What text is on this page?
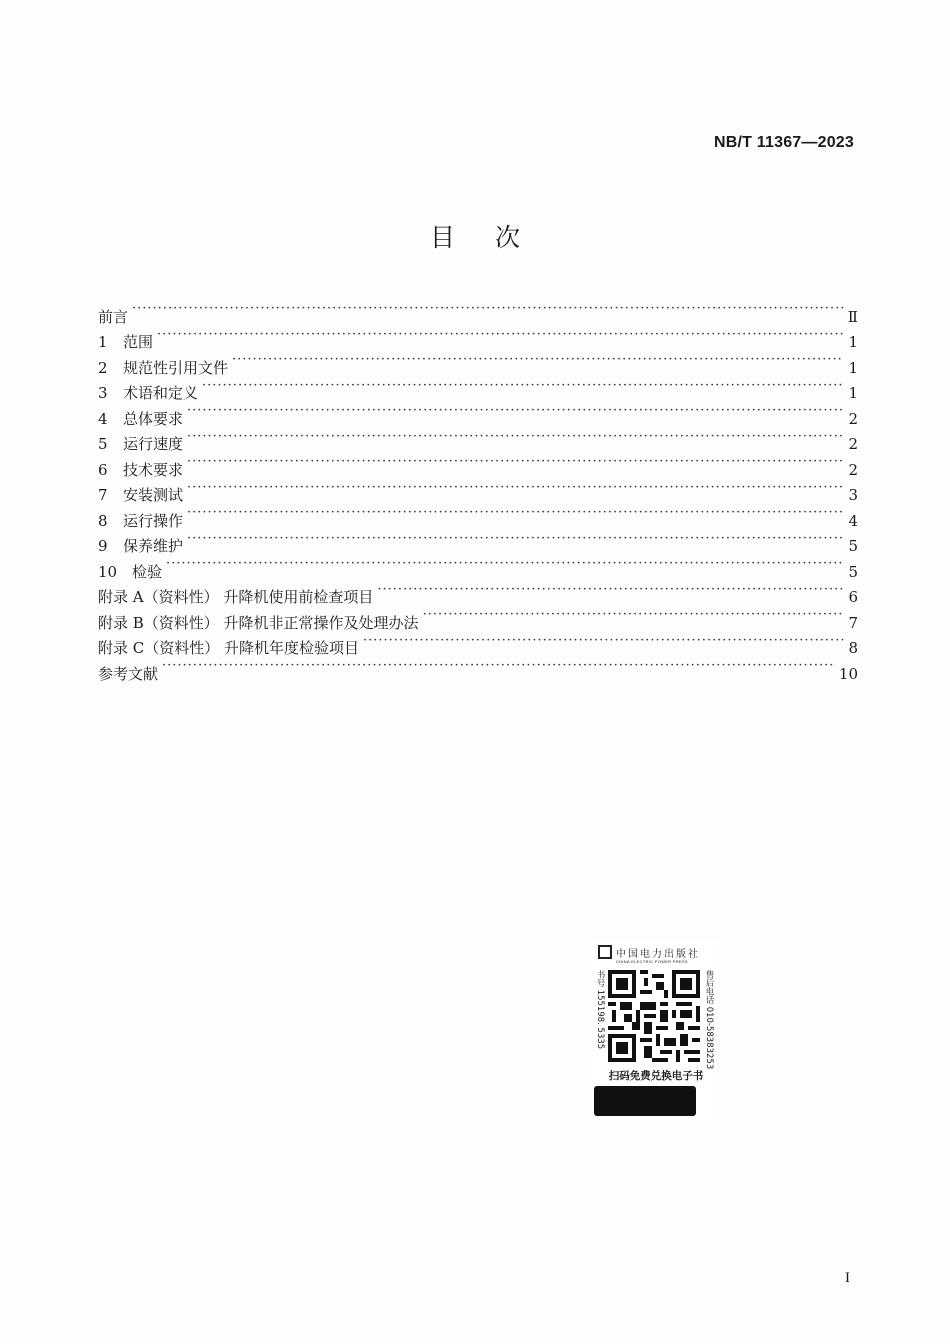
NB/T 11367—2023
目次
前言 ·····	Ⅱ
1	范围 ·····	1
2	规范性引用文件 ·····	1
3	术语和定义 ·····	1
4	总体要求 ·····	2
5	运行速度 ·····	2
6	技术要求 ·····	2
7	安装测试 ·····	3
8	运行操作 ·····	4
9	保养维护 ·····	5
10 检验 ·····	5
附录 A（资料性） 升降机使用前检查项目 ·····	6
附录 B（资料性） 升降机非正常操作及处理办法 ·····	7
附录 C（资料性） 升降机年度检验项目 ·····	8
参考文献 ·····	10
中国电力出版社
CHINA ELECTRIC POWER PRESS
书号 155198. 5335	售后电话 010-58383253
扫码免费兑换电子书
I
